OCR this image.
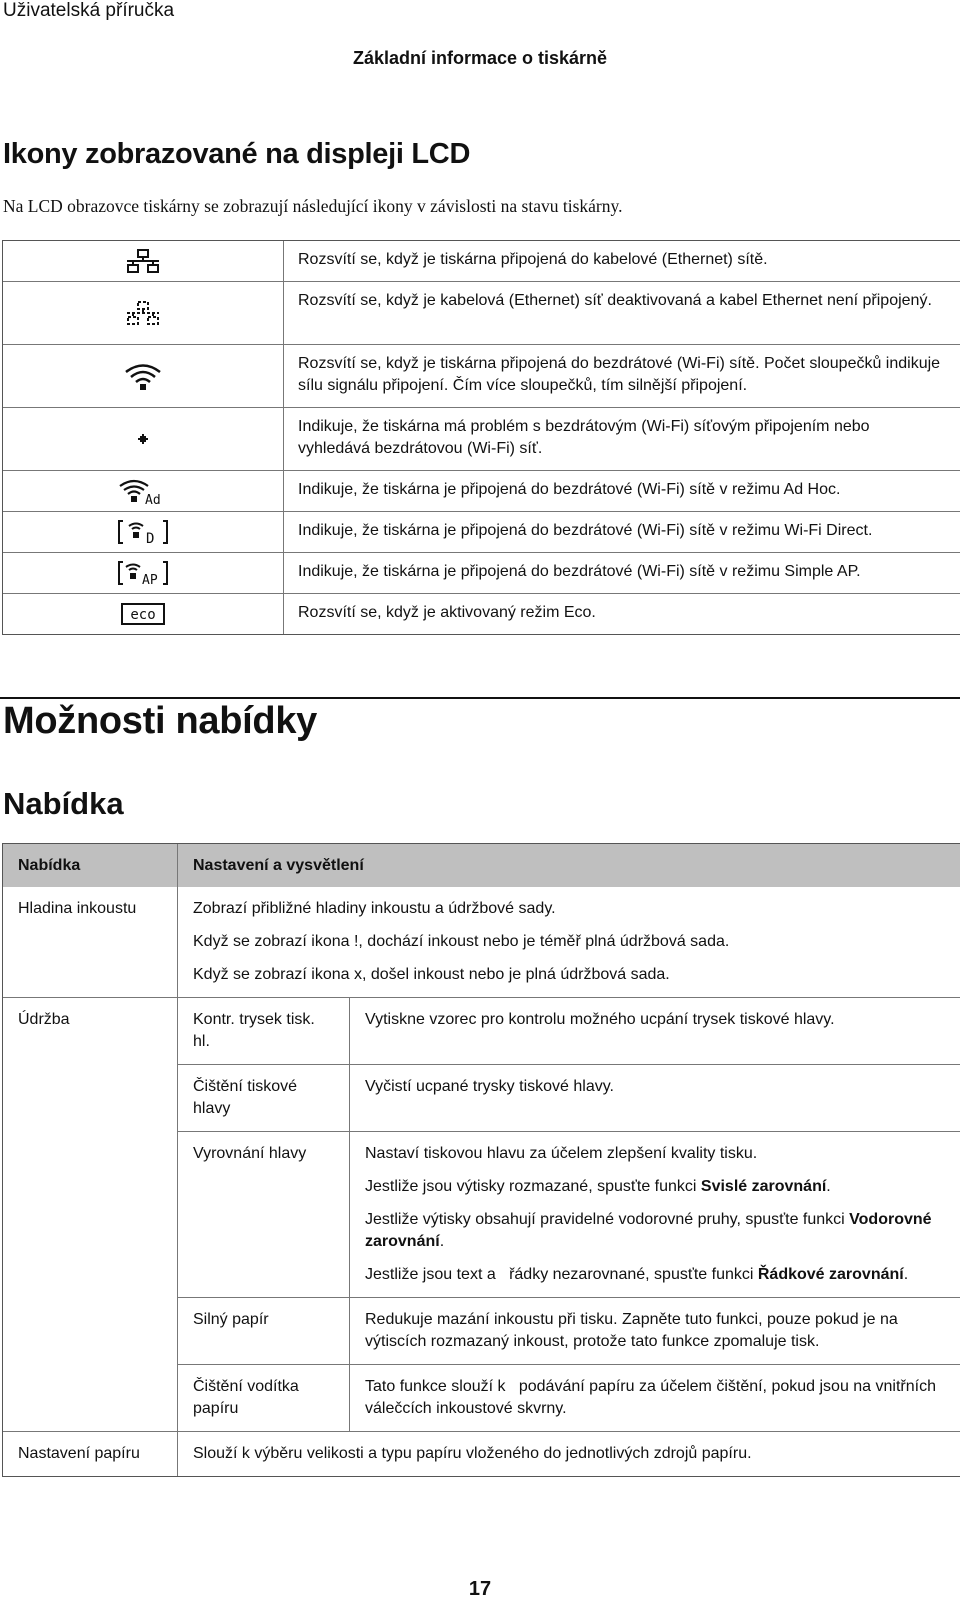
Uživatelská příručka
Základní informace o tiskárně
Ikony zobrazované na displeji LCD
Na LCD obrazovce tiskárny se zobrazují následující ikony v závislosti na stavu tiskárny.
	Rozsvítí se, když je tiskárna připojená do kabelové (Ethernet) sítě.

	Rozsvítí se, když je kabelová (Ethernet) síť deaktivovaná a kabel Ethernet není připojený.

	Rozsvítí se, když je tiskárna připojená do bezdrátové (Wi-Fi) sítě. Počet sloupečků indikuje sílu signálu připojení. Čím více sloupečků, tím silnější připojení.

	Indikuje, že tiskárna má problém s bezdrátovým (Wi-Fi) síťovým připojením nebo vyhledává bezdrátovou (Wi-Fi) síť.

Ad	Indikuje, že tiskárna je připojená do bezdrátové (Wi-Fi) sítě v režimu Ad Hoc.

D	Indikuje, že tiskárna je připojená do bezdrátové (Wi-Fi) sítě v režimu Wi-Fi Direct.

AP	Indikuje, že tiskárna je připojená do bezdrátové (Wi-Fi) sítě v režimu Simple AP.

eco	Rozsvítí se, když je aktivovaný režim Eco.
Možnosti nabídky
Nabídka
Nabídka	Nastavení a vysvětlení	
Hladina inkoustu	Zobrazí přibližné hladiny inkoustu a údržbové sady.

Když se zobrazí ikona !, dochází inkoust nebo je téměř plná údržbová sada.

Když se zobrazí ikona x, došel inkoust nebo je plná údržbová sada.	

Údržba	Kontr. trysek tisk. hl.	Vytiskne vzorec pro kontrolu možného ucpání trysek tiskové hlavy.
	Čištění tiskové hlavy	Vyčistí ucpané trysky tiskové hlavy.
	Vyrovnání hlavy	Nastaví tiskovou hlavu za účelem zlepšení kvality tisku.

Jestliže jsou výtisky rozmazané, spusťte funkci Svislé zarovnání.

Jestliže výtisky obsahují pravidelné vodorovné pruhy, spusťte funkci Vodorovné zarovnání.

Jestliže jsou text a   řádky nezarovnané, spusťte funkci Řádkové zarovnání.

	Silný papír	Redukuje mazání inkoustu při tisku. Zapněte tuto funkci, pouze pokud je na výtiscích rozmazaný inkoust, protože tato funkce zpomaluje tisk.
	Čištění vodítka papíru	Tato funkce slouží k   podávání papíru za účelem čištění, pokud jsou na vnitřních válečcích inkoustové skvrny.
Nastavení papíru	Slouží k výběru velikosti a typu papíru vloženého do jednotlivých zdrojů papíru.	
17
